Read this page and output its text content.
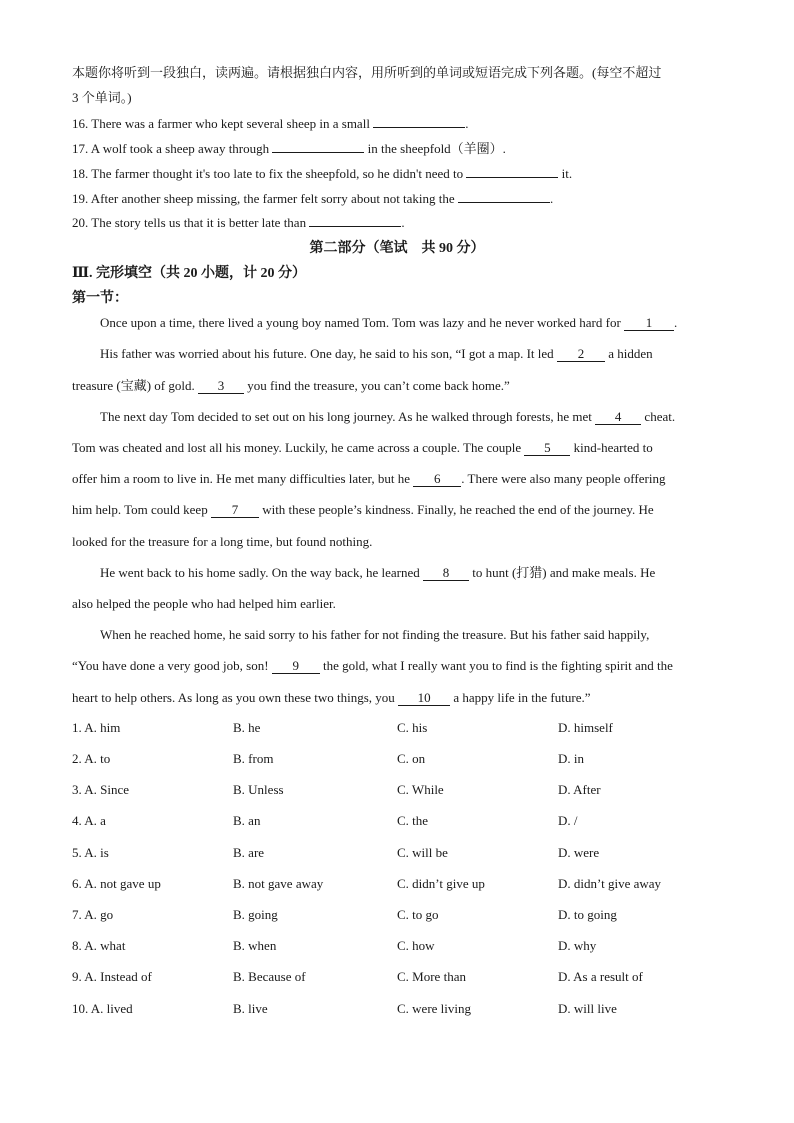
本题你将听到一段独白，读两遍。请根据独白内容，用所听到的单词或短语完成下列各题。(每空不超过
3 个单词。)
16. There was a farmer who kept several sheep in a small	.
17. A wolf took a sheep away through	in the sheepfold（羊圈）.
18. The farmer thought it's too late to fix the sheepfold, so he didn't need to	it.
19. After another sheep missing, the farmer felt sorry about not taking the	.
20. The story tells us that it is better late than	.
第二部分（笔试　共 90 分）
Ⅲ. 完形填空（共 20 小题，计 20 分）
第一节：
Once upon a time, there lived a young boy named Tom. Tom was lazy and he never worked hard for 1 .
His father was worried about his future. One day, he said to his son, “I got a map. It led 2 a hidden
treasure (宝藏) of gold. 3 you find the treasure, you can’t come back home.”
The next day Tom decided to set out on his long journey. As he walked through forests, he met 4 cheat.
Tom was cheated and lost all his money. Luckily, he came across a couple. The couple 5 kind-hearted to
offer him a room to live in. He met many difficulties later, but he 6 . There were also many people offering
him help. Tom could keep 7 with these people’s kindness. Finally, he reached the end of the journey. He
looked for the treasure for a long time, but found nothing.
He went back to his home sadly. On the way back, he learned 8 to hunt (打猎) and make meals. He
also helped the people who had helped him earlier.
When he reached home, he said sorry to his father for not finding the treasure. But his father said happily,
“You have done a very good job, son! 9 the gold, what I really want you to find is the fighting spirit and the
heart to help others. As long as you own these two things, you 10 a happy life in the future.”
1. A. him	B. he	C. his	D. himself
2. A. to	B. from	C. on	D. in
3. A. Since	B. Unless	C. While	D. After
4. A. a	B. an	C. the	D. /
5. A. is	B. are	C. will be	D. were
6. A. not gave up	B. not gave away	C. didn’t give up	D. didn’t give away
7. A. go	B. going	C. to go	D. to going
8. A. what	B. when	C. how	D. why
9. A. Instead of	B. Because of	C. More than	D. As a result of
10. A. lived	B. live	C. were living	D. will live
